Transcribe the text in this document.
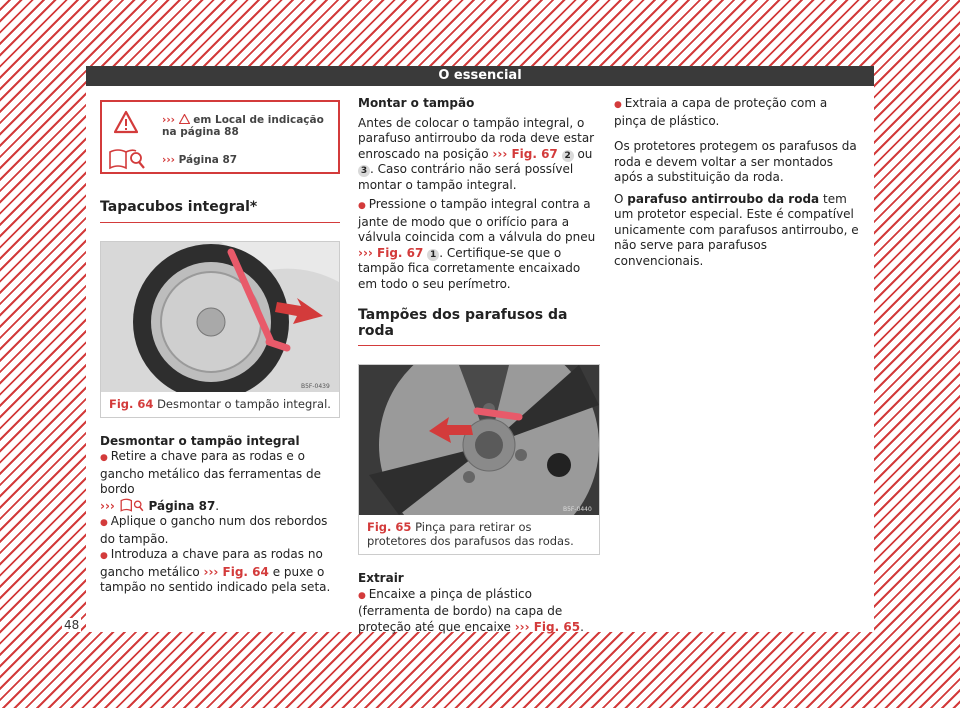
O essencial
››› em Local de indicação na página 88
››› Página 87
Tapacubos integral*
B5F-0439
Fig. 64 Desmontar o tampão integral.

Desmontar o tampão integral

● Retire a chave para as rodas e o gancho metálico das ferramentas de bordo
›››	Página 87.

● Aplique o gancho num dos rebordos do tampão.

● Introduza a chave para as rodas no gancho metálico ››› Fig. 64 e puxe o tampão no sentido indicado pela seta.

Montar o tampão

Antes de colocar o tampão integral, o parafuso antirroubo da roda deve estar enroscado na posição ››› Fig. 67 2 ou 3 . Caso contrário não será possível montar o tampão integral.

● Pressione o tampão integral contra a jante de modo que o orifício para a válvula coincida com a válvula do pneu ››› Fig. 67 1 . Certifique-se que o tampão fica corretamente encaixado em todo o seu perímetro.

Tampões dos parafusos da roda
B5F-0440
Fig. 65 Pinça para retirar os protetores dos parafusos das rodas.

Extrair

● Encaixe a pinça de plástico (ferramenta de bordo) na capa de proteção até que encaixe ››› Fig. 65.

● Extraia a capa de proteção com a pinça de plástico.

Os protetores protegem os parafusos da roda e devem voltar a ser montados após a substituição da roda.

O parafuso antirroubo da roda tem um protetor especial. Este é compatível unicamente com parafusos antirroubo, e não serve para parafusos convencionais.

48
